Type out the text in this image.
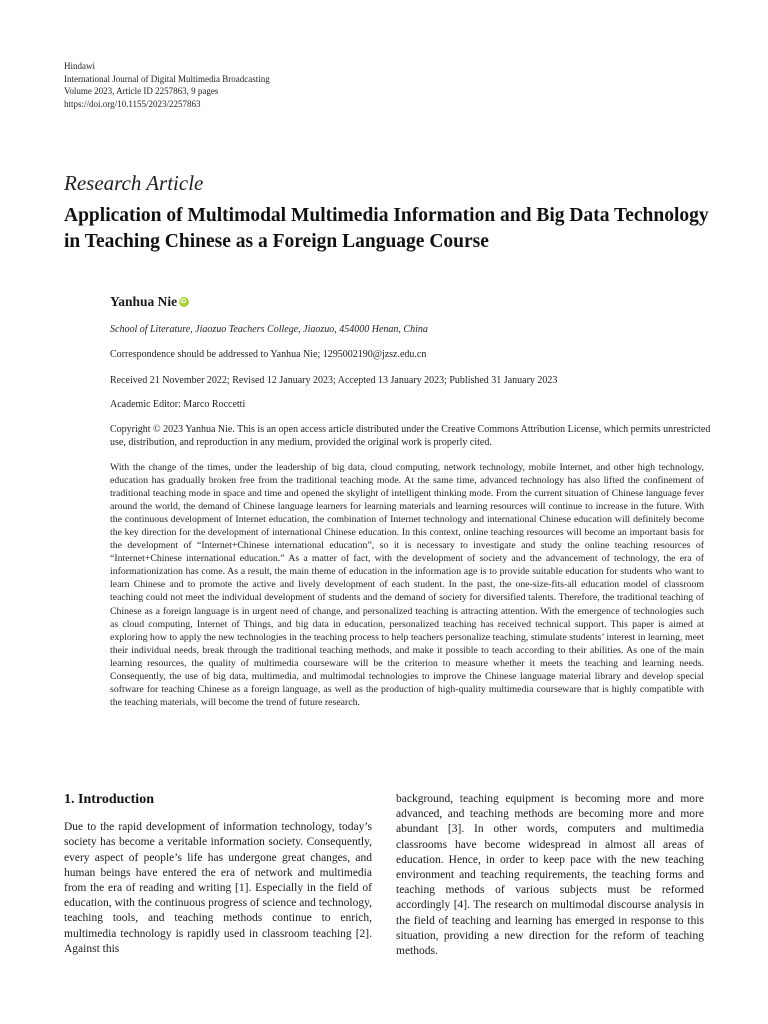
Hindawi
International Journal of Digital Multimedia Broadcasting
Volume 2023, Article ID 2257863, 9 pages
https://doi.org/10.1155/2023/2257863
Research Article
Application of Multimodal Multimedia Information and Big Data Technology in Teaching Chinese as a Foreign Language Course
Yanhua Nie
iD
School of Literature, Jiaozuo Teachers College, Jiaozuo, 454000 Henan, China
Correspondence should be addressed to Yanhua Nie; 1295002190@jzsz.edu.cn
Received 21 November 2022; Revised 12 January 2023; Accepted 13 January 2023; Published 31 January 2023
Academic Editor: Marco Roccetti
Copyright © 2023 Yanhua Nie. This is an open access article distributed under the Creative Commons Attribution License, which permits unrestricted use, distribution, and reproduction in any medium, provided the original work is properly cited.
With the change of the times, under the leadership of big data, cloud computing, network technology, mobile Internet, and other high technology, education has gradually broken free from the traditional teaching mode. At the same time, advanced technology has also lifted the confinement of traditional teaching mode in space and time and opened the skylight of intelligent thinking mode. From the current situation of Chinese language fever around the world, the demand of Chinese language learners for learning materials and learning resources will continue to increase in the future. With the continuous development of Internet education, the combination of Internet technology and international Chinese education will definitely become the key direction for the development of international Chinese education. In this context, online teaching resources will become an important basis for the development of “Internet+Chinese international education”, so it is necessary to investigate and study the online teaching resources of “Internet+Chinese international education.” As a matter of fact, with the development of society and the advancement of technology, the era of informationization has come. As a result, the main theme of education in the information age is to provide suitable education for students who want to learn Chinese and to promote the active and lively development of each student. In the past, the one-size-fits-all education model of classroom teaching could not meet the individual development of students and the demand of society for diversified talents. Therefore, the traditional teaching of Chinese as a foreign language is in urgent need of change, and personalized teaching is attracting attention. With the emergence of technologies such as cloud computing, Internet of Things, and big data in education, personalized teaching has received technical support. This paper is aimed at exploring how to apply the new technologies in the teaching process to help teachers personalize teaching, stimulate students’ interest in learning, meet their individual needs, break through the traditional teaching methods, and make it possible to teach according to their abilities. As one of the main learning resources, the quality of multimedia courseware will be the criterion to measure whether it meets the teaching and learning needs. Consequently, the use of big data, multimedia, and multimodal technologies to improve the Chinese language material library and develop special software for teaching Chinese as a foreign language, as well as the production of high-quality multimedia courseware that is highly compatible with the teaching materials, will become the trend of future research.
1. Introduction

Due to the rapid development of information technology, today’s society has become a veritable information society. Consequently, every aspect of people’s life has undergone great changes, and human beings have entered the era of network and multimedia from the era of reading and writing [1]. Especially in the field of education, with the continuous progress of science and technology, teaching tools, and teaching methods continue to enrich, multimedia technology is rapidly used in classroom teaching [2]. Against this

background, teaching equipment is becoming more and more advanced, and teaching methods are becoming more and more abundant [3]. In other words, computers and multimedia classrooms have become widespread in almost all areas of education. Hence, in order to keep pace with the new teaching environment and teaching requirements, the teaching forms and teaching methods of various subjects must be reformed accordingly [4]. The research on multimodal discourse analysis in the field of teaching and learning has emerged in response to this situation, providing a new direction for the reform of teaching methods.
